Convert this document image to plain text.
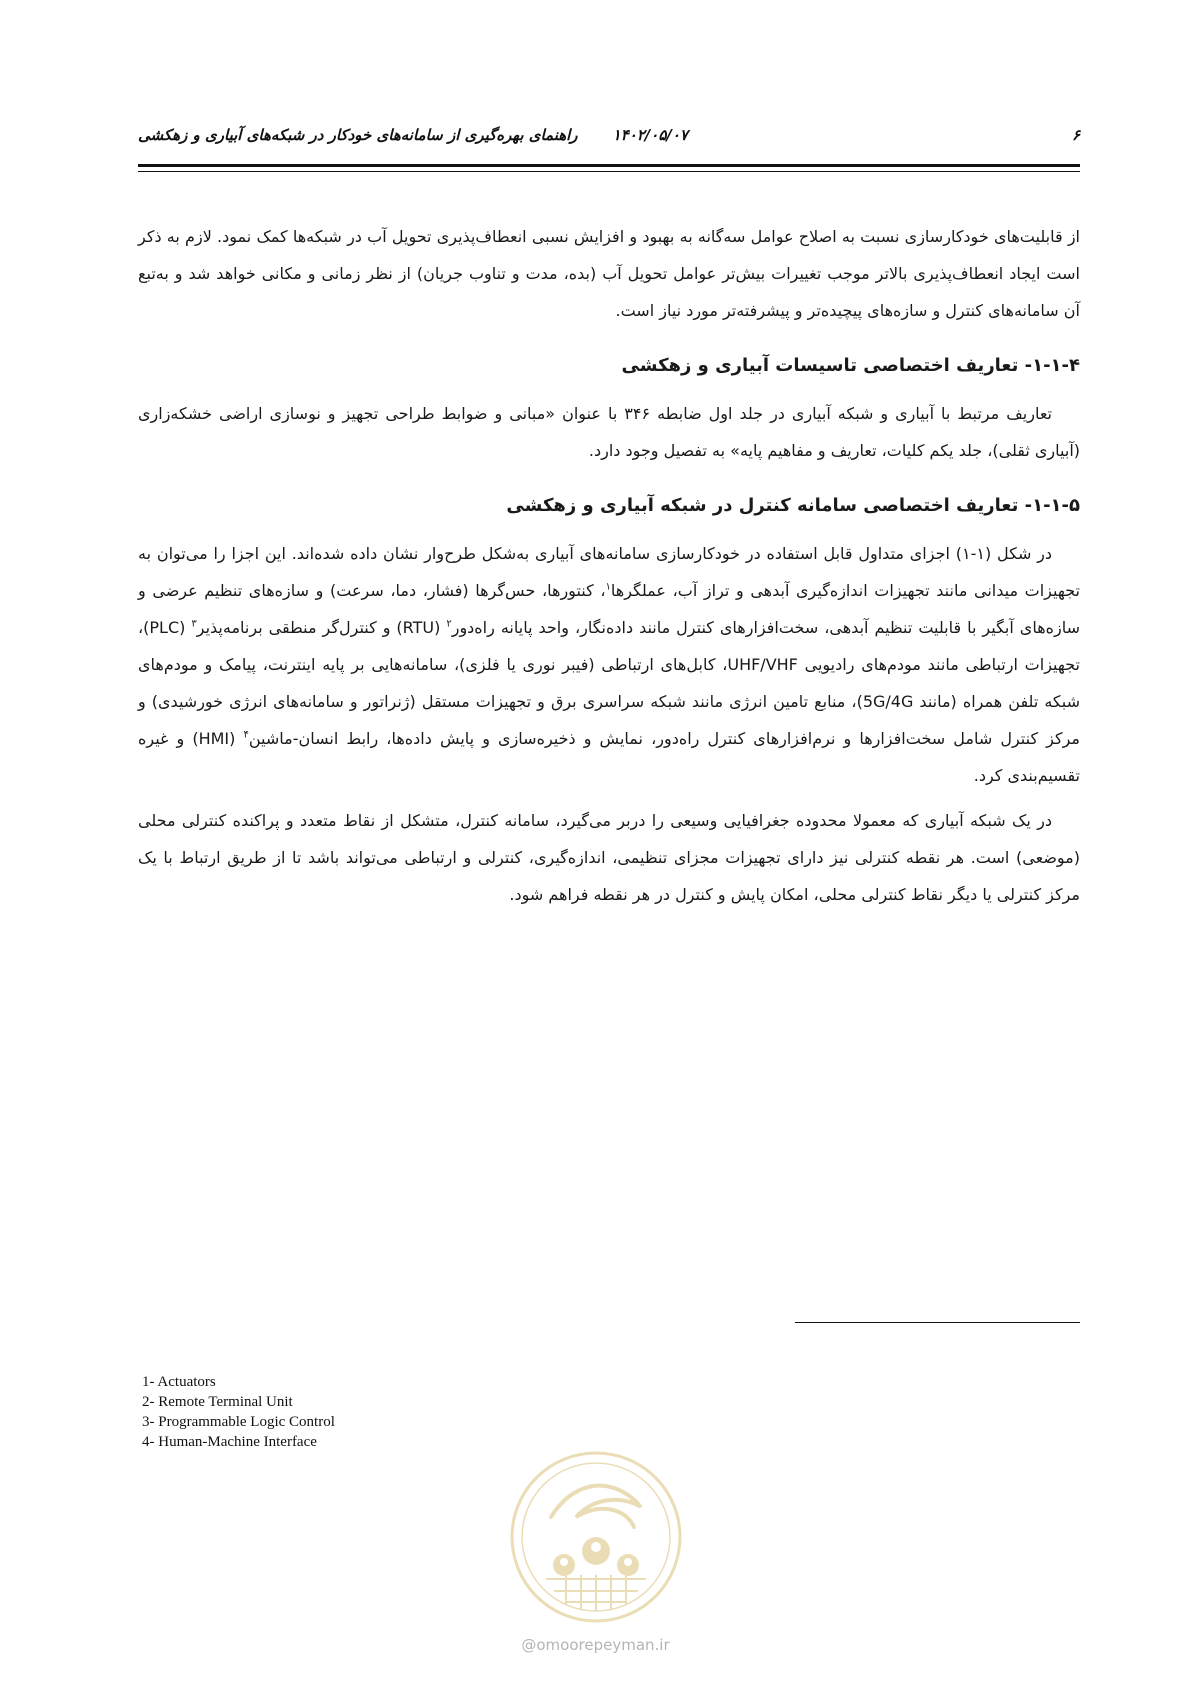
۶
۱۴۰۲/۰۵/۰۷
راهنمای بهره‌گیری از سامانه‌های خودکار در شبکه‌های آبیاری و زهکشی

از قابلیت‌های خودکارسازی نسبت به اصلاح عوامل سه‌گانه به بهبود و افزایش نسبی انعطاف‌پذیری تحویل آب در شبکه‌ها کمک نمود. لازم به ذکر است ایجاد انعطاف‌پذیری بالاتر موجب تغییرات بیش‌تر عوامل تحویل آب (بده، مدت و تناوب جریان) از نظر زمانی و مکانی خواهد شد و به‌تبع آن سامانه‌های کنترل و سازه‌های پیچیده‌تر و پیشرفته‌تر مورد نیاز است.

۱-۱-۴- تعاریف اختصاصی تاسیسات آبیاری و زهکشی

تعاریف مرتبط با آبیاری و شبکه آبیاری در جلد اول ضابطه ۳۴۶ با عنوان «مبانی و ضوابط طراحی تجهیز و نوسازی اراضی خشکه‌زاری (آبیاری ثقلی)، جلد یکم کلیات، تعاریف و مفاهیم پایه» به تفصیل وجود دارد.

۱-۱-۵- تعاریف اختصاصی سامانه کنترل در شبکه آبیاری و زهکشی

در شکل (۱-۱) اجزای متداول قابل استفاده در خودکارسازی سامانه‌های آبیاری به‌شکل طرح‌وار نشان داده شده‌اند. این اجزا را می‌توان به تجهیزات میدانی مانند تجهیزات اندازه‌گیری آبدهی و تراز آب، عملگرها$^۱$، کنتورها، حس‌گرها (فشار، دما، سرعت) و سازه‌های تنظیم عرضی و سازه‌های آبگیر با قابلیت تنظیم آبدهی، سخت‌افزارهای کنترل مانند داده‌نگار، واحد پایانه راه‌دور$^۲$ (RTU) و کنترل‌گر منطقی برنامه‌پذیر$^۳$ (PLC)، تجهیزات ارتباطی مانند مودم‌های رادیویی UHF/VHF، کابل‌های ارتباطی (فیبر نوری یا فلزی)، سامانه‌هایی بر پایه اینترنت، پیامک و مودم‌های شبکه تلفن همراه (مانند 5G/4G)، منابع تامین انرژی مانند شبکه سراسری برق و تجهیزات مستقل (ژنراتور و سامانه‌های انرژی خورشیدی) و مرکز کنترل شامل سخت‌افزارها و نرم‌افزارهای کنترل راه‌دور، نمایش و ذخیره‌سازی و پایش داده‌ها، رابط انسان-ماشین$^۴$ (HMI) و غیره تقسیم‌بندی کرد.

در یک شبکه آبیاری که معمولا محدوده جغرافیایی وسیعی را دربر می‌گیرد، سامانه کنترل، متشکل از نقاط متعدد و پراکنده کنترلی محلی (موضعی) است. هر نقطه کنترلی نیز دارای تجهیزات مجزای تنظیمی، اندازه‌گیری، کنترلی و ارتباطی می‌تواند باشد تا از طریق ارتباط با یک مرکز کنترلی یا دیگر نقاط کنترلی محلی، امکان پایش و کنترل در هر نقطه فراهم شود.

1- Actuators
2- Remote Terminal Unit
3- Programmable Logic Control
4- Human-Machine Interface
@omoorepeyman.ir
